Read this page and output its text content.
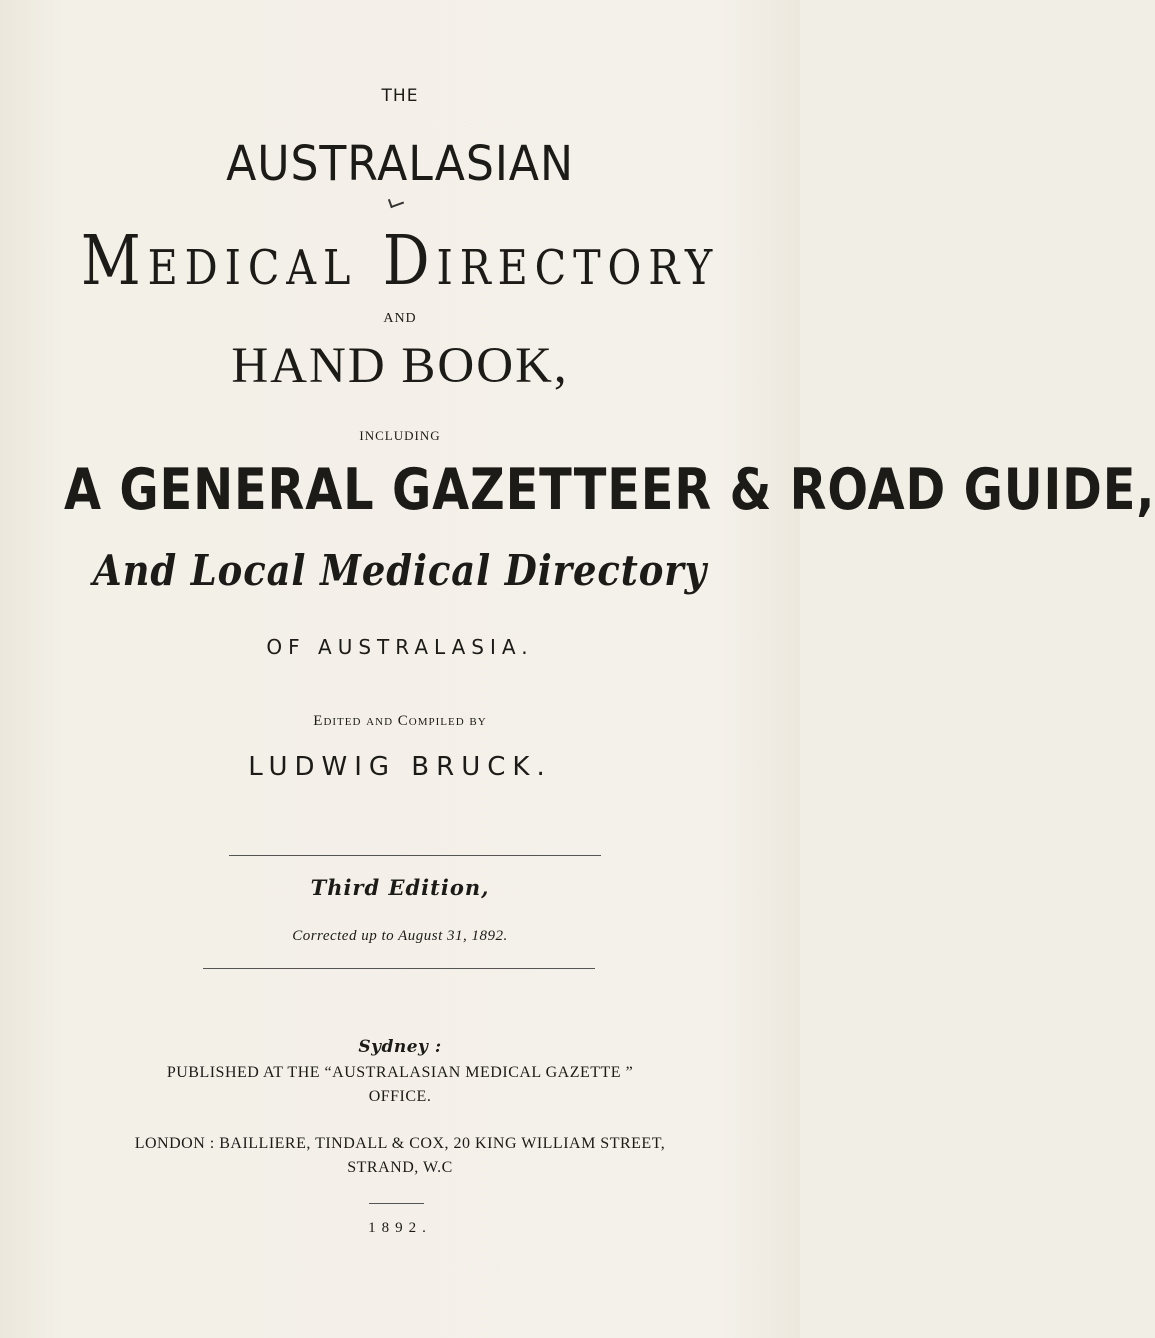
THE
AUSTRALASIAN
Medical Directory
AND
HAND BOOK,
INCLUDING
A GENERAL GAZETTEER & ROAD GUIDE,
And Local Medical Directory
OF AUSTRALASIA.
Edited and Compiled by
LUDWIG BRUCK.
Third Edition,
Corrected up to August 31, 1892.
Sydney :
PUBLISHED AT THE “AUSTRALASIAN MEDICAL GAZETTE ”
OFFICE.
LONDON : BAILLIERE, TINDALL & COX, 20 KING WILLIAM STREET,
STRAND, W.C
1892.
